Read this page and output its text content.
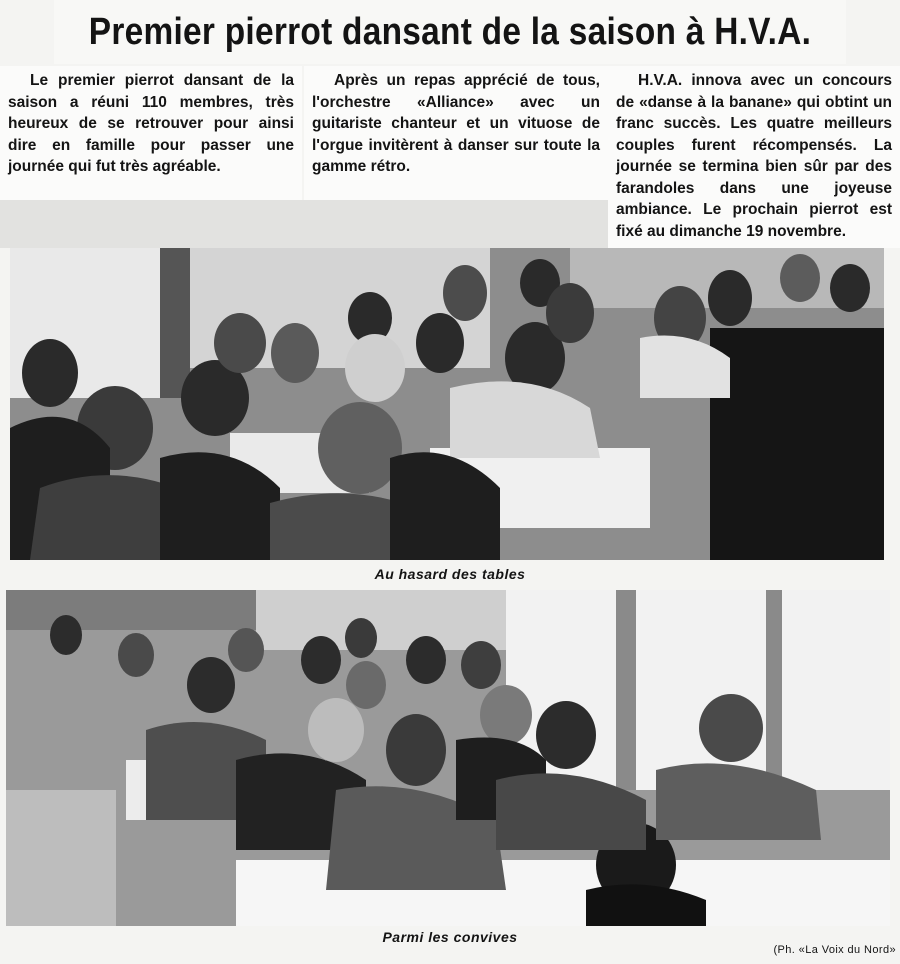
Premier pierrot dansant de la saison à H.V.A.

Le premier pierrot dansant de la saison a réuni 110 membres, très heureux de se retrouver pour ainsi dire en famille pour passer une journée qui fut très agréable.

Après un repas apprécié de tous, l'orchestre «Alliance» avec un guitariste chanteur et un vituose de l'orgue invitèrent à danser sur toute la gamme rétro.

H.V.A. innova avec un concours de «danse à la banane» qui obtint un franc succès. Les quatre meilleurs couples furent récompensés. La journée se termina bien sûr par des farandoles dans une joyeuse ambiance. Le prochain pierrot est fixé au dimanche 19 novembre.

Au hasard des tables
Parmi les convives
(Ph. «La Voix du Nord»
